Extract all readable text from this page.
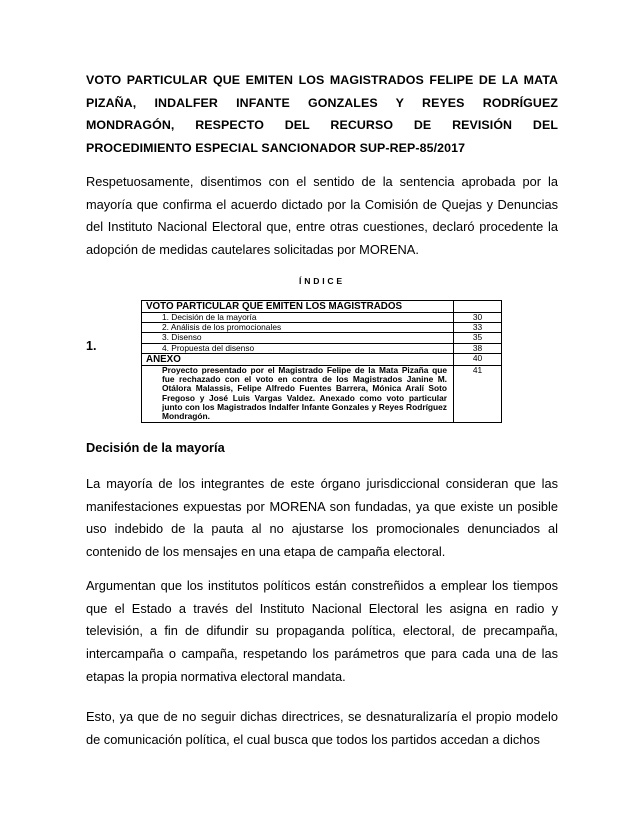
VOTO PARTICULAR QUE EMITEN LOS MAGISTRADOS FELIPE DE LA MATA PIZAÑA, INDALFER INFANTE GONZALES Y REYES RODRÍGUEZ MONDRAGÓN, RESPECTO DEL RECURSO DE REVISIÓN DEL PROCEDIMIENTO ESPECIAL SANCIONADOR SUP-REP-85/2017
Respetuosamente, disentimos con el sentido de la sentencia aprobada por la mayoría que confirma el acuerdo dictado por la Comisión de Quejas y Denuncias del Instituto Nacional Electoral que, entre otras cuestiones, declaró procedente la adopción de medidas cautelares solicitadas por MORENA.
ÍNDICE
1.
VOTO PARTICULAR QUE EMITEN LOS MAGISTRADOS	
1. Decisión de la mayoría	30
2. Análisis de los promocionales	33
3. Disenso	35
4. Propuesta del disenso	38
ANEXO	40
Proyecto presentado por el Magistrado Felipe de la Mata Pizaña que fue rechazado con el voto en contra de los Magistrados Janine M. Otálora Malassis, Felipe Alfredo Fuentes Barrera, Mónica Aralí Soto Fregoso y José Luis Vargas Valdez. Anexado como voto particular junto con los Magistrados Indalfer Infante Gonzales y Reyes Rodríguez Mondragón.	41
Decisión de la mayoría
La mayoría de los integrantes de este órgano jurisdiccional consideran que las manifestaciones expuestas por MORENA son fundadas, ya que existe un posible uso indebido de la pauta al no ajustarse los promocionales denunciados al contenido de los mensajes en una etapa de campaña electoral.
Argumentan que los institutos políticos están constreñidos a emplear los tiempos que el Estado a través del Instituto Nacional Electoral les asigna en radio y televisión, a fin de difundir su propaganda política, electoral, de precampaña, intercampaña o campaña, respetando los parámetros que para cada una de las etapas la propia normativa electoral mandata.
Esto, ya que de no seguir dichas directrices, se desnaturalizaría el propio modelo de comunicación política, el cual busca que todos los partidos accedan a dichos
